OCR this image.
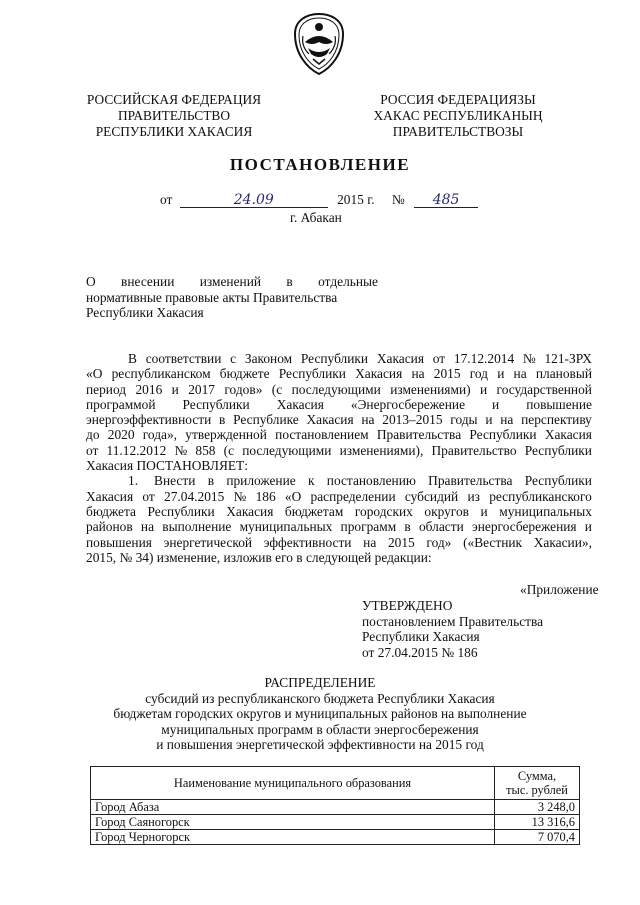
РОССИЙСКАЯ ФЕДЕРАЦИЯ
ПРАВИТЕЛЬСТВО
РЕСПУБЛИКИ ХАКАСИЯ
РОССИЯ ФЕДЕРАЦИЯЗЫ
ХАКАС РЕСПУБЛИКАНЫҢ
ПРАВИТЕЛЬСТВОЗЫ
ПОСТАНОВЛЕНИЕ
от	24.09	2015 г. № 485
г. Абакан
О внесении изменений в отдельные
нормативные правовые акты Правительства
Республики Хакасия
В соответствии с Законом Республики Хакасия от 17.12.2014 № 121-ЗРХ
«О республиканском бюджете Республики Хакасия на 2015 год и на плановый
период 2016 и 2017 годов» (с последующими изменениями) и государственной
программой Республики Хакасия «Энергосбережение и повышение
энергоэффективности в Республике Хакасия на 2013–2015 годы и на перспективу
до 2020 года», утвержденной постановлением Правительства Республики Хакасия
от 11.12.2012 № 858 (с последующими изменениями), Правительство Республики
Хакасия ПОСТАНОВЛЯЕТ:
1. Внести в приложение к постановлению Правительства Республики
Хакасия от 27.04.2015 № 186 «О распределении субсидий из республиканского
бюджета Республики Хакасия бюджетам городских округов и муниципальных
районов на выполнение муниципальных программ в области энергосбережения и
повышения энергетической эффективности на 2015 год» («Вестник Хакасии»,
2015, № 34) изменение, изложив его в следующей редакции:
«Приложение
УТВЕРЖДЕНО
постановлением Правительства
Республики Хакасия
от 27.04.2015 № 186
РАСПРЕДЕЛЕНИЕ
субсидий из республиканского бюджета Республики Хакасия
бюджетам городских округов и муниципальных районов на выполнение
муниципальных программ в области энергосбережения
и повышения энергетической эффективности на 2015 год
Наименование муниципального образования	Сумма,
тыс. рублей

Город Абаза	3 248,0
Город Саяногорск	13 316,6
Город Черногорск	7 070,4
